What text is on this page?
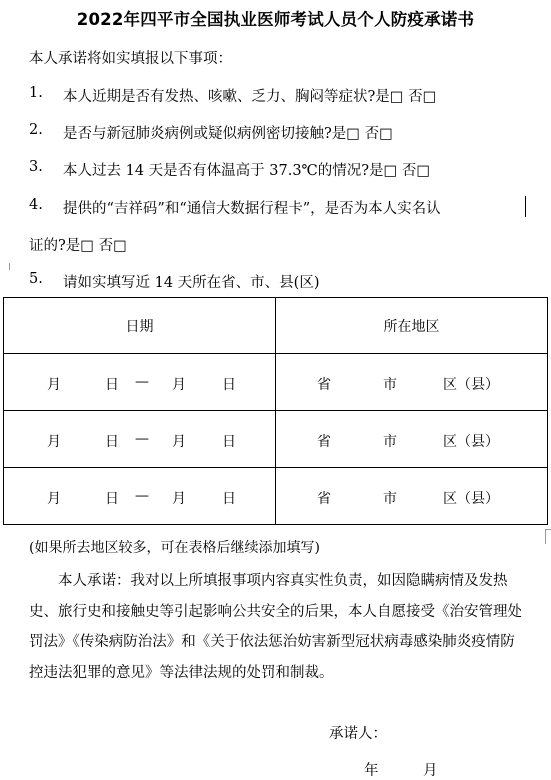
2022年四平市全国执业医师考试人员个人防疫承诺书
本人承诺将如实填报以下事项：
1. 本人近期是否有发热、咳嗽、乏力、胸闷等症状?是□ 否□
2. 是否与新冠肺炎病例或疑似病例密切接触?是□ 否□
3. 本人过去 14 天是否有体温高于 37.3℃的情况?是□ 否□
4. 提供的“吉祥码”和“通信大数据行程卡”，是否为本人实名认
证的?是□ 否□
5. 请如实填写近 14 天所在省、市、县(区)
日期	所在地区

月 日 — 月 日	省 市 区（县）

月 日 — 月 日	省 市 区（县）

月 日 — 月 日	省 市 区（县）
(如果所去地区较多，可在表格后继续添加填写)
本人承诺：我对以上所填报事项内容真实性负责，如因隐瞒病情及发热史、旅行史和接触史等引起影响公共安全的后果，本人自愿接受《治安管理处罚法》《传染病防治法》和《关于依法惩治妨害新型冠状病毒感染肺炎疫情防控违法犯罪的意见》等法律法规的处罚和制裁。
承诺人：
年	月
